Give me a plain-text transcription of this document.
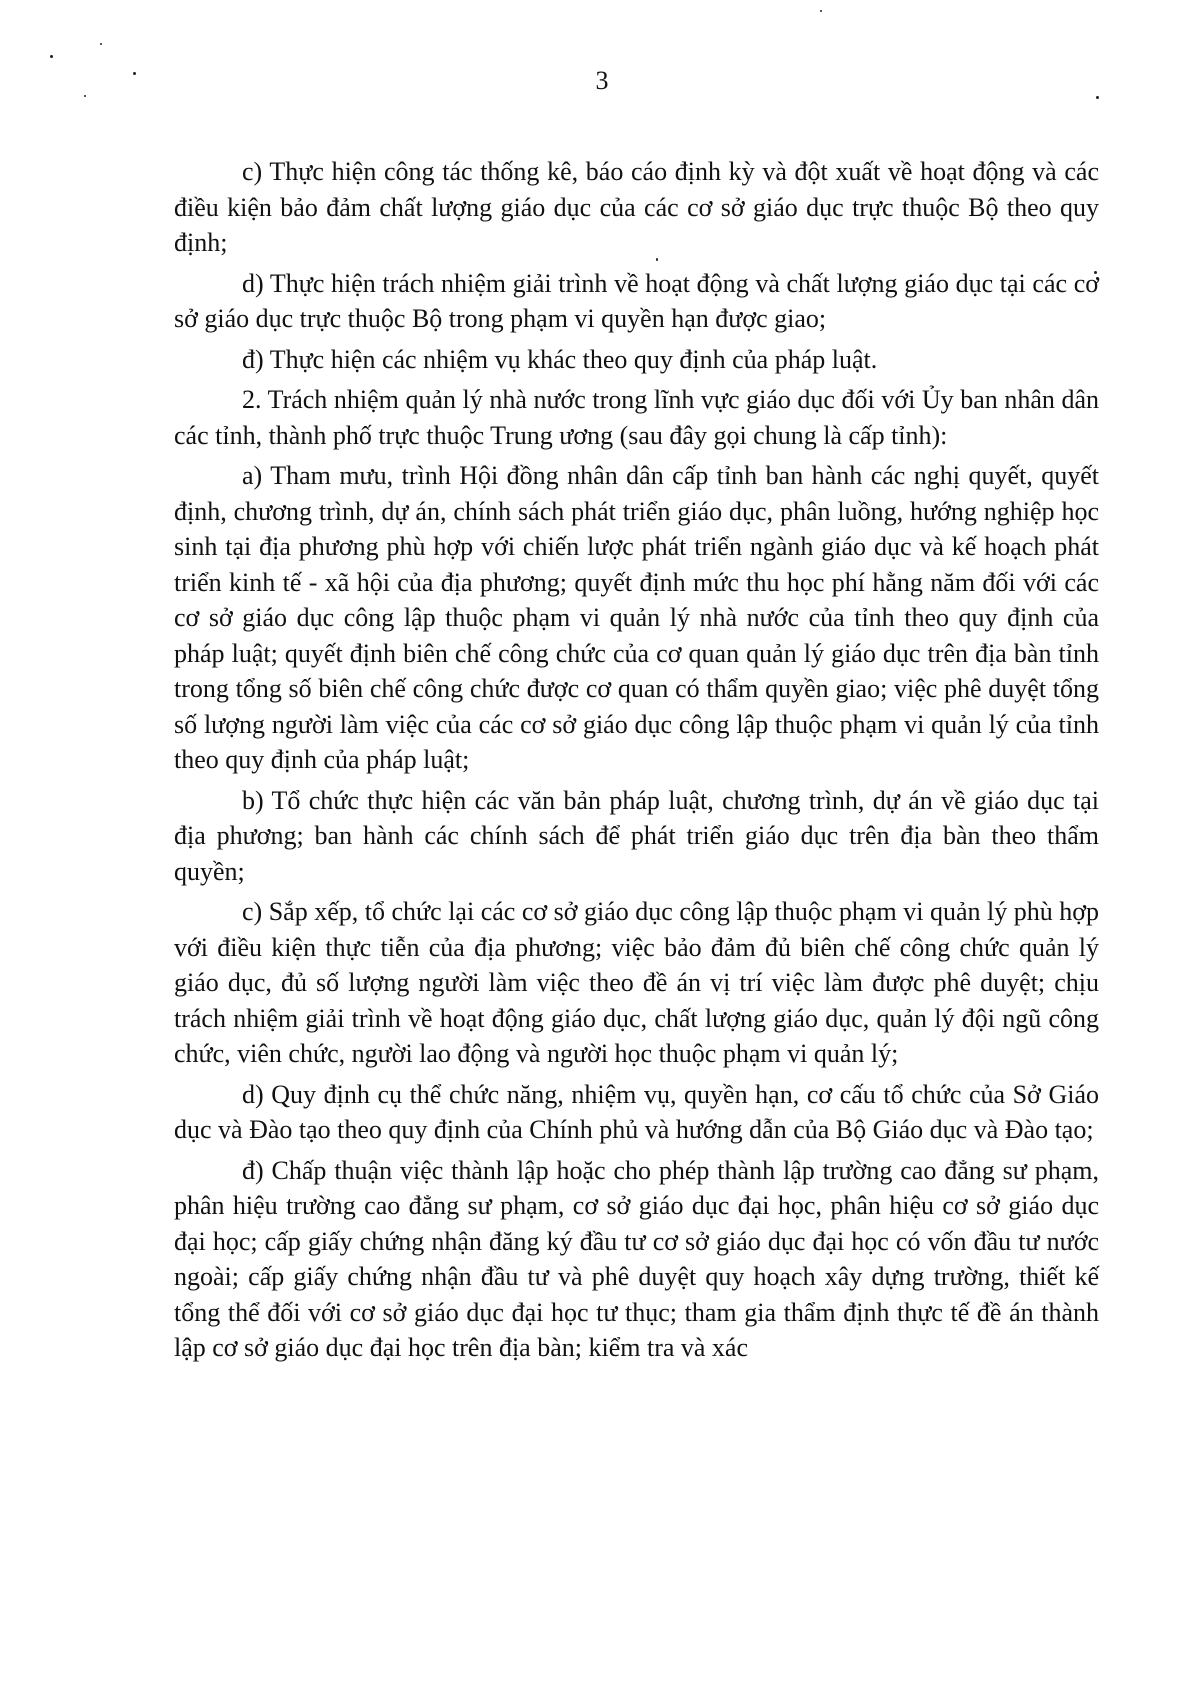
3

c) Thực hiện công tác thống kê, báo cáo định kỳ và đột xuất về hoạt động và các điều kiện bảo đảm chất lượng giáo dục của các cơ sở giáo dục trực thuộc Bộ theo quy định;

d) Thực hiện trách nhiệm giải trình về hoạt động và chất lượng giáo dục tại các cơ sở giáo dục trực thuộc Bộ trong phạm vi quyền hạn được giao;

đ) Thực hiện các nhiệm vụ khác theo quy định của pháp luật.

2. Trách nhiệm quản lý nhà nước trong lĩnh vực giáo dục đối với Ủy ban nhân dân các tỉnh, thành phố trực thuộc Trung ương (sau đây gọi chung là cấp tỉnh):

a) Tham mưu, trình Hội đồng nhân dân cấp tỉnh ban hành các nghị quyết, quyết định, chương trình, dự án, chính sách phát triển giáo dục, phân luồng, hướng nghiệp học sinh tại địa phương phù hợp với chiến lược phát triển ngành giáo dục và kế hoạch phát triển kinh tế - xã hội của địa phương; quyết định mức thu học phí hằng năm đối với các cơ sở giáo dục công lập thuộc phạm vi quản lý nhà nước của tỉnh theo quy định của pháp luật; quyết định biên chế công chức của cơ quan quản lý giáo dục trên địa bàn tỉnh trong tổng số biên chế công chức được cơ quan có thẩm quyền giao; việc phê duyệt tổng số lượng người làm việc của các cơ sở giáo dục công lập thuộc phạm vi quản lý của tỉnh theo quy định của pháp luật;

b) Tổ chức thực hiện các văn bản pháp luật, chương trình, dự án về giáo dục tại địa phương; ban hành các chính sách để phát triển giáo dục trên địa bàn theo thẩm quyền;

c) Sắp xếp, tổ chức lại các cơ sở giáo dục công lập thuộc phạm vi quản lý phù hợp với điều kiện thực tiễn của địa phương; việc bảo đảm đủ biên chế công chức quản lý giáo dục, đủ số lượng người làm việc theo đề án vị trí việc làm được phê duyệt; chịu trách nhiệm giải trình về hoạt động giáo dục, chất lượng giáo dục, quản lý đội ngũ công chức, viên chức, người lao động và người học thuộc phạm vi quản lý;

d) Quy định cụ thể chức năng, nhiệm vụ, quyền hạn, cơ cấu tổ chức của Sở Giáo dục và Đào tạo theo quy định của Chính phủ và hướng dẫn của Bộ Giáo dục và Đào tạo;

đ) Chấp thuận việc thành lập hoặc cho phép thành lập trường cao đẳng sư phạm, phân hiệu trường cao đẳng sư phạm, cơ sở giáo dục đại học, phân hiệu cơ sở giáo dục đại học; cấp giấy chứng nhận đăng ký đầu tư cơ sở giáo dục đại học có vốn đầu tư nước ngoài; cấp giấy chứng nhận đầu tư và phê duyệt quy hoạch xây dựng trường, thiết kế tổng thể đối với cơ sở giáo dục đại học tư thục; tham gia thẩm định thực tế đề án thành lập cơ sở giáo dục đại học trên địa bàn; kiểm tra và xác
